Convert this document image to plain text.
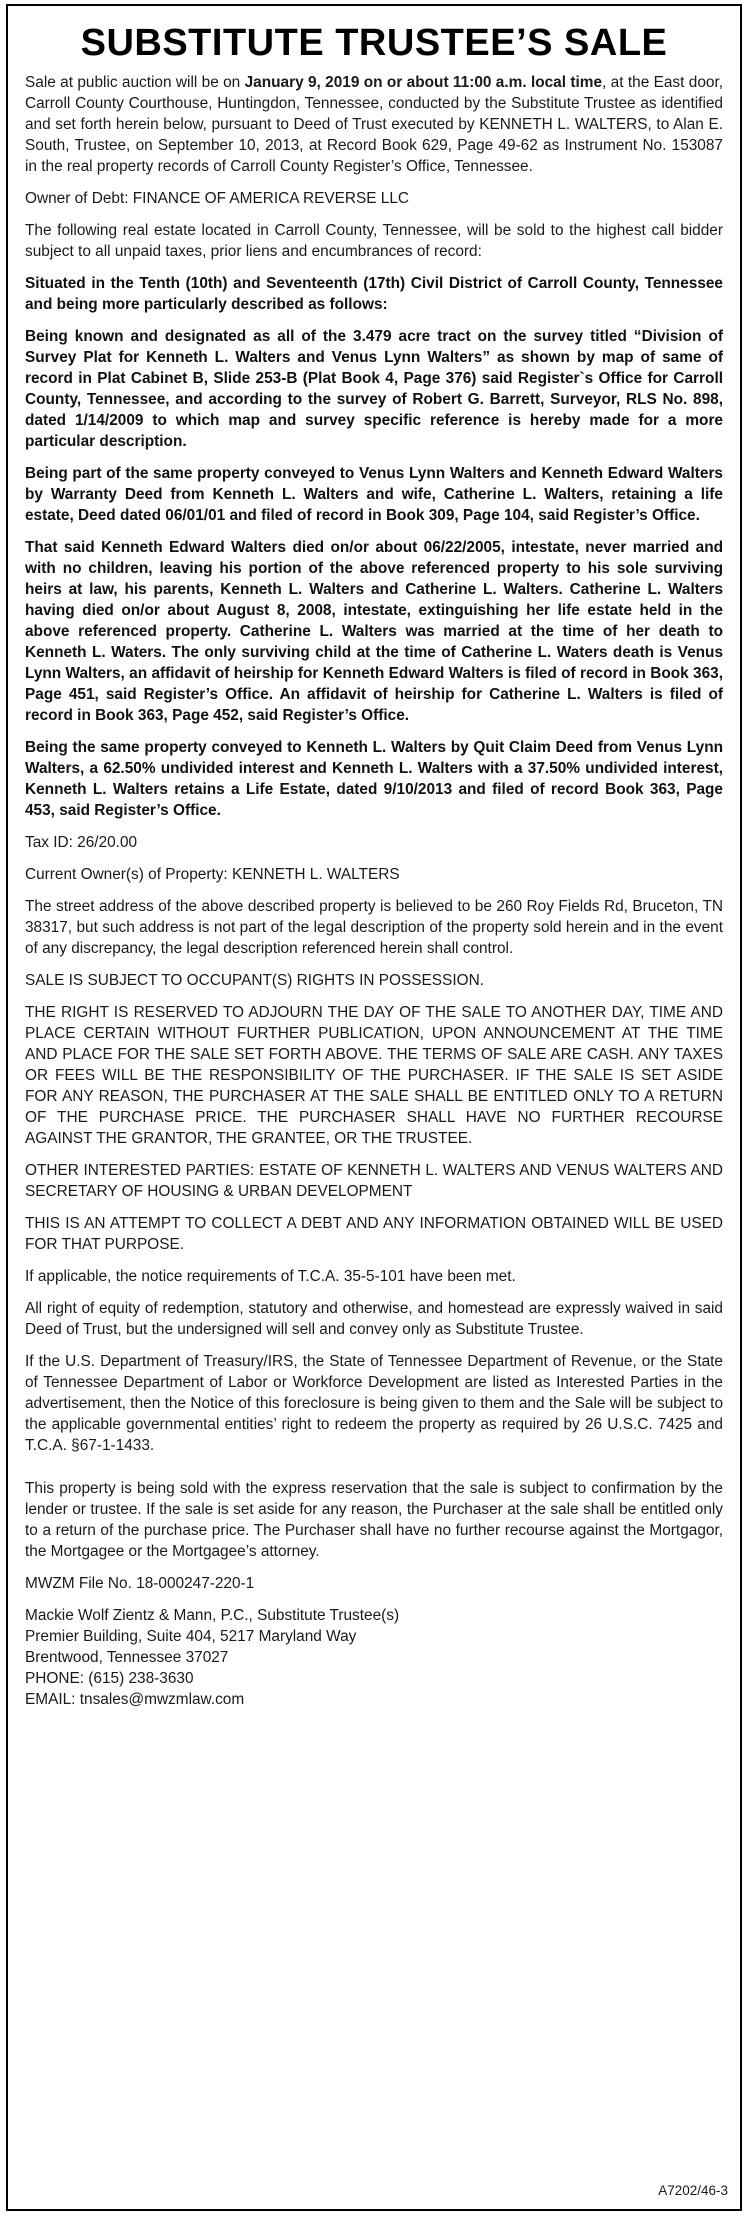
SUBSTITUTE TRUSTEE’S SALE

Sale at public auction will be on January 9, 2019 on or about 11:00 a.m. local time, at the East door, Carroll County Courthouse, Huntingdon, Tennessee, conducted by the Substitute Trustee as identified and set forth herein below, pursuant to Deed of Trust executed by KENNETH L. WALTERS, to Alan E. South, Trustee, on September 10, 2013, at Record Book 629, Page 49-62 as Instrument No. 153087 in the real property records of Carroll County Register’s Office, Tennessee.

Owner of Debt: FINANCE OF AMERICA REVERSE LLC

The following real estate located in Carroll County, Tennessee, will be sold to the highest call bidder subject to all unpaid taxes, prior liens and encumbrances of record:

Situated in the Tenth (10th) and Seventeenth (17th) Civil District of Carroll County, Tennessee and being more particularly described as follows:

Being known and designated as all of the 3.479 acre tract on the survey titled “Division of Survey Plat for Kenneth L. Walters and Venus Lynn Walters” as shown by map of same of record in Plat Cabinet B, Slide 253-B (Plat Book 4, Page 376) said Register`s Office for Carroll County, Tennessee, and according to the survey of Robert G. Barrett, Surveyor, RLS No. 898, dated 1/14/2009 to which map and survey specific reference is hereby made for a more particular description.

Being part of the same property conveyed to Venus Lynn Walters and Kenneth Edward Walters by Warranty Deed from Kenneth L. Walters and wife, Catherine L. Walters, retaining a life estate, Deed dated 06/01/01 and filed of record in Book 309, Page 104, said Register’s Office.

That said Kenneth Edward Walters died on/or about 06/22/2005, intestate, never married and with no children, leaving his portion of the above referenced property to his sole surviving heirs at law, his parents, Kenneth L. Walters and Catherine L. Walters. Catherine L. Walters having died on/or about August 8, 2008, intestate, extinguishing her life estate held in the above referenced property. Catherine L. Walters was married at the time of her death to Kenneth L. Waters. The only surviving child at the time of Catherine L. Waters death is Venus Lynn Walters, an affidavit of heirship for Kenneth Edward Walters is filed of record in Book 363, Page 451, said Register’s Office. An affidavit of heirship for Catherine L. Walters is filed of record in Book 363, Page 452, said Register’s Office.

Being the same property conveyed to Kenneth L. Walters by Quit Claim Deed from Venus Lynn Walters, a 62.50% undivided interest and Kenneth L. Walters with a 37.50% undivided interest, Kenneth L. Walters retains a Life Estate, dated 9/10/2013 and filed of record Book 363, Page 453, said Register’s Office.

Tax ID: 26/20.00

Current Owner(s) of Property: KENNETH L. WALTERS

The street address of the above described property is believed to be 260 Roy Fields Rd, Bruceton, TN 38317, but such address is not part of the legal description of the property sold herein and in the event of any discrepancy, the legal description referenced herein shall control.

SALE IS SUBJECT TO OCCUPANT(S) RIGHTS IN POSSESSION.

THE RIGHT IS RESERVED TO ADJOURN THE DAY OF THE SALE TO ANOTHER DAY, TIME AND PLACE CERTAIN WITHOUT FURTHER PUBLICATION, UPON ANNOUNCEMENT AT THE TIME AND PLACE FOR THE SALE SET FORTH ABOVE. THE TERMS OF SALE ARE CASH. ANY TAXES OR FEES WILL BE THE RESPONSIBILITY OF THE PURCHASER. IF THE SALE IS SET ASIDE FOR ANY REASON, THE PURCHASER AT THE SALE SHALL BE ENTITLED ONLY TO A RETURN OF THE PURCHASE PRICE. THE PURCHASER SHALL HAVE NO FURTHER RECOURSE AGAINST THE GRANTOR, THE GRANTEE, OR THE TRUSTEE.

OTHER INTERESTED PARTIES: ESTATE OF KENNETH L. WALTERS AND VENUS WALTERS AND SECRETARY OF HOUSING & URBAN DEVELOPMENT

THIS IS AN ATTEMPT TO COLLECT A DEBT AND ANY INFORMATION OBTAINED WILL BE USED FOR THAT PURPOSE.

If applicable, the notice requirements of T.C.A. 35-5-101 have been met.

All right of equity of redemption, statutory and otherwise, and homestead are expressly waived in said Deed of Trust, but the undersigned will sell and convey only as Substitute Trustee.

If the U.S. Department of Treasury/IRS, the State of Tennessee Department of Revenue, or the State of Tennessee Department of Labor or Workforce Development are listed as Interested Parties in the advertisement, then the Notice of this foreclosure is being given to them and the Sale will be subject to the applicable governmental entities’ right to redeem the property as required by 26 U.S.C. 7425 and T.C.A. §67-1-1433.

This property is being sold with the express reservation that the sale is subject to confirmation by the lender or trustee. If the sale is set aside for any reason, the Purchaser at the sale shall be entitled only to a return of the purchase price. The Purchaser shall have no further recourse against the Mortgagor, the Mortgagee or the Mortgagee’s attorney.

MWZM File No. 18-000247-220-1

Mackie Wolf Zientz & Mann, P.C., Substitute Trustee(s)

Premier Building, Suite 404, 5217 Maryland Way

Brentwood, Tennessee 37027

PHONE: (615) 238-3630

EMAIL: tnsales@mwzmlaw.com

A7202/46-3
